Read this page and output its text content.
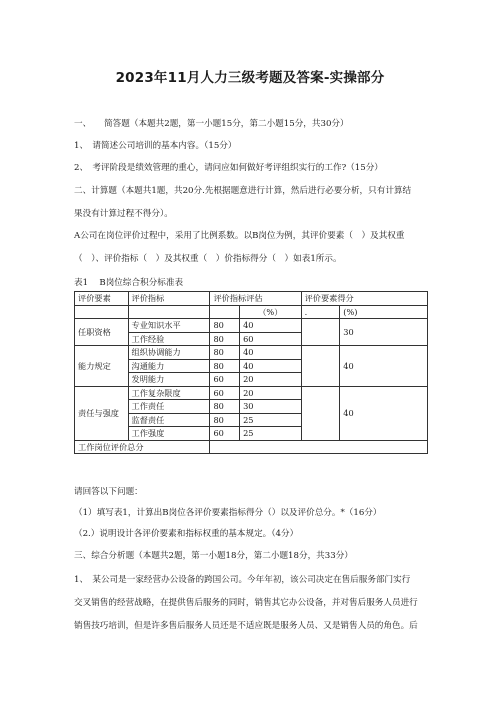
2023年11月人力三级考题及答案-实操部分
一、　　简答题（本题共2题，第一小题15分，第二小题15分，共30分）
1、　请简述公司培训的基本内容。（15分）
2、　考评阶段是绩效管理的重心，请问应如何做好考评组织实行的工作?（15分）
二、计算题（本题共1题，共20分.先根据题意进行计算，然后进行必要分析，只有计算结
果没有计算过程不得分）。
A公司在岗位评价过程中，采用了比例系数。以B岗位为例，其评价要素（　）及其权重
（　）、评价指标（　）及其权重（　）价指标得分（　）如表1所示。
表1　 B岗位综合积分标准表
评价要素	评价指标	评价指标评估		评价要素得分	
			（%）	.	(%)
任职资格	专业知识水平	80	40		30
	工作经验	80	60		
能力规定	组织协调能力	80	40		40
	沟通能力	80	40		
	发明能力	60	20		
责任与强度	工作复杂限度	60	20		40
	工作责任	80	30		
	监督责任	80	25		
	工作强度	60	25		
工作岗位评价总分					
请回答以下问题：
（1）填写表1，计算出B岗位各评价要素指标得分（）以及评价总分。*（16分）
（2.）说明设计各评价要素和指标权重的基本规定。（4分）
三、综合分析题（本题共2题，第一小题18分，第二小题18分，共33分）
1、　某公司是一家经营办公设备的跨国公司。今年年初，该公司决定在售后服务部门实行
交叉销售的经营战略，在提供售后服务的同时，销售其它办公设备，并对售后服务人员进行
销售技巧培训，但是许多售后服务人员还是不适应既是服务人员、又是销售人员的角色。后
